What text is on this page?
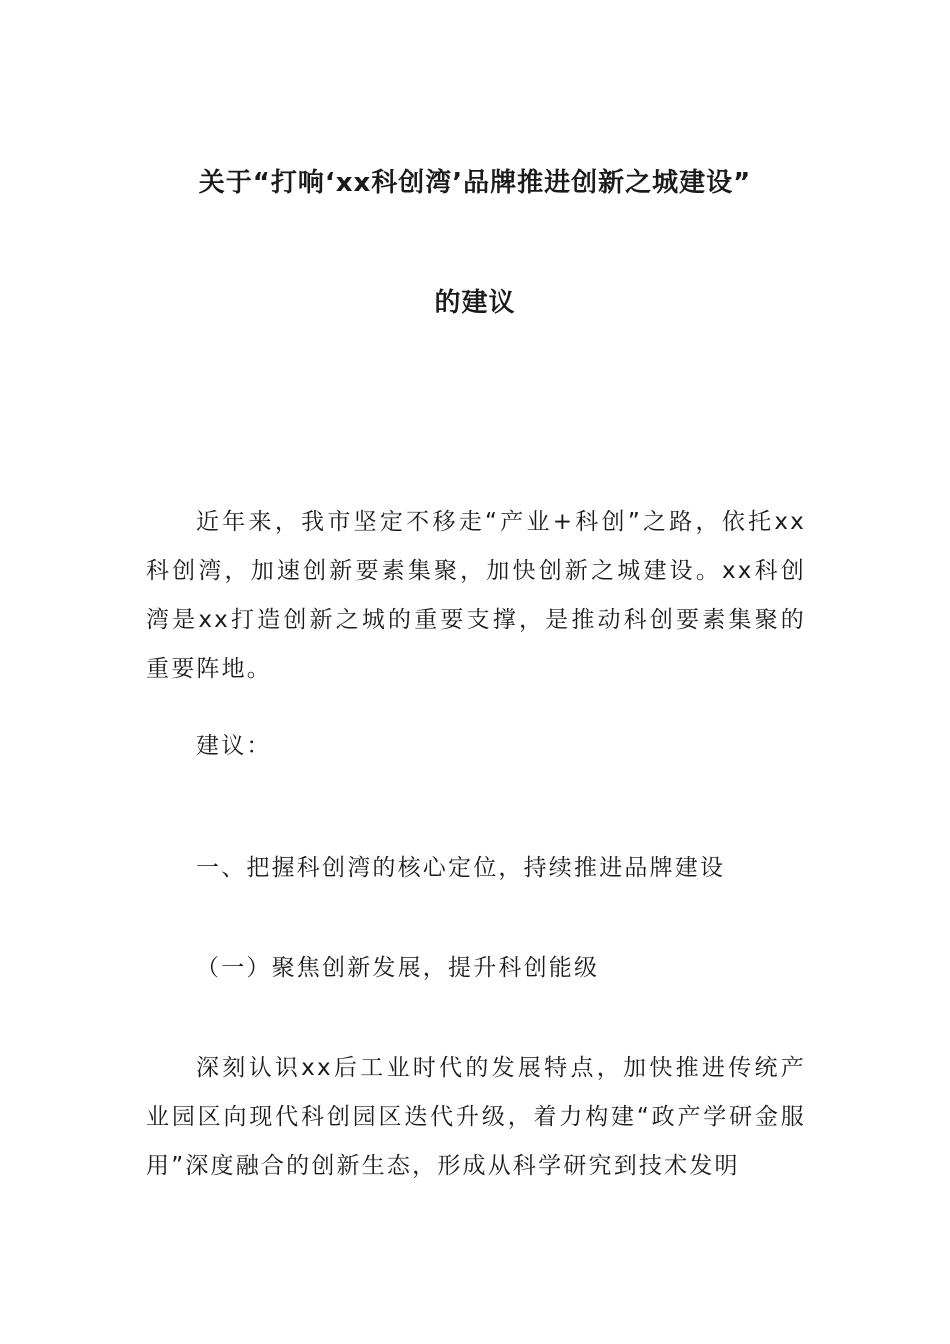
关于“打响‘xx科创湾’品牌推进创新之城建设”
的建议

近年来，我市坚定不移走“产业+科创”之路，依托xx科创湾，加速创新要素集聚，加快创新之城建设。xx科创湾是xx打造创新之城的重要支撑，是推动科创要素集聚的重要阵地。

建议：

一、把握科创湾的核心定位，持续推进品牌建设

（一）聚焦创新发展，提升科创能级

深刻认识xx后工业时代的发展特点，加快推进传统产业园区向现代科创园区迭代升级，着力构建“政产学研金服用”深度融合的创新生态，形成从科学研究到技术发明
